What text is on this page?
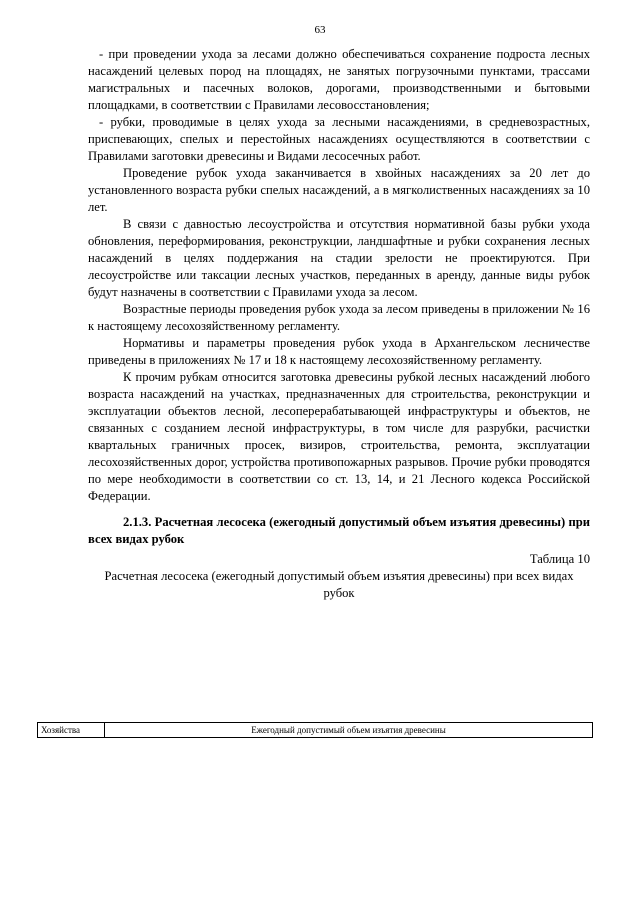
63

- при проведении ухода за лесами должно обеспечиваться сохранение подроста лесных насаждений целевых пород на площадях, не занятых погрузочными пунктами, трассами магистральных и пасечных волоков, дорогами, производственными и бытовыми площадками, в соответствии с Правилами лесовосстановления;

- рубки, проводимые в целях ухода за лесными насаждениями, в средневозрастных, приспевающих, спелых и перестойных насаждениях осуществляются в соответствии с Правилами заготовки древесины и Видами лесосечных работ.

Проведение рубок ухода заканчивается в хвойных насаждениях за 20 лет до установленного возраста рубки спелых насаждений, а в мягколиственных насаждениях за 10 лет.

В связи с давностью лесоустройства и отсутствия нормативной базы рубки ухода обновления, переформирования, реконструкции, ландшафтные и рубки сохранения лесных насаждений в целях поддержания на стадии зрелости не проектируются. При лесоустройстве или таксации лесных участков, переданных в аренду, данные виды рубок будут назначены в соответствии с Правилами ухода за лесом.

Возрастные периоды проведения рубок ухода за лесом приведены в приложении № 16 к настоящему лесохозяйственному регламенту.

Нормативы и параметры проведения рубок ухода в Архангельском лесничестве приведены в приложениях № 17 и 18 к настоящему лесохозяйственному регламенту.

К прочим рубкам относится заготовка древесины рубкой лесных насаждений любого возраста насаждений на участках, предназначенных для строительства, реконструкции и эксплуатации объектов лесной, лесоперерабатывающей инфраструктуры и объектов, не связанных с созданием лесной инфраструктуры, в том числе для разрубки, расчистки квартальных граничных просек, визиров, строительства, ремонта, эксплуатации лесохозяйственных дорог, устройства противопожарных разрывов. Прочие рубки проводятся по мере необходимости в соответствии со ст. 13, 14, и 21 Лесного кодекса Российской Федерации.

2.1.3. Расчетная лесосека (ежегодный допустимый объем изъятия древесины) при всех видах рубок

Таблица 10

Расчетная лесосека (ежегодный допустимый объем изъятия древесины) при всех видах рубок

Хозяйства	Ежегодный допустимый объем изъятия древесины
